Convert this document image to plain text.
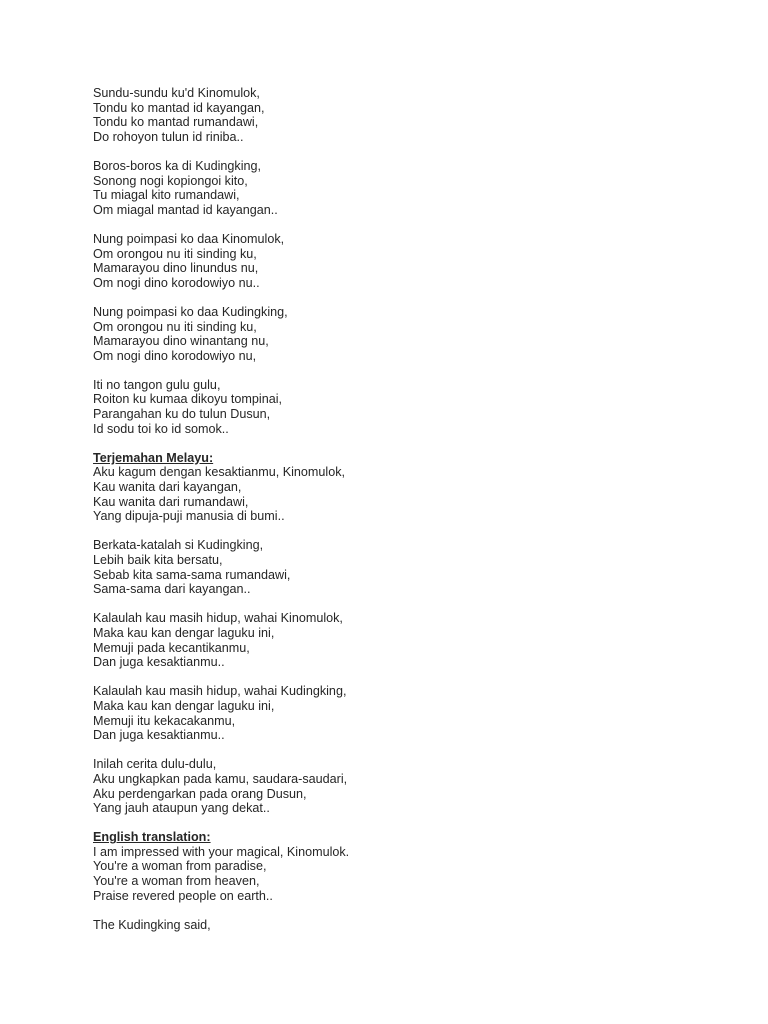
Sundu-sundu ku'd Kinomulok,
Tondu ko mantad id kayangan,
Tondu ko mantad rumandawi,
Do rohoyon tulun id riniba..
Boros-boros ka di Kudingking,
Sonong nogi kopiongoi kito,
Tu miagal kito rumandawi,
Om miagal mantad id kayangan..
Nung poimpasi ko daa Kinomulok,
Om orongou nu iti sinding ku,
Mamarayou dino linundus nu,
Om nogi dino korodowiyo nu..
Nung poimpasi ko daa Kudingking,
Om orongou nu iti sinding ku,
Mamarayou dino winantang nu,
Om nogi dino korodowiyo nu,
Iti no tangon gulu gulu,
Roiton ku kumaa dikoyu tompinai,
Parangahan ku do tulun Dusun,
Id sodu toi ko id somok..
Terjemahan Melayu:
Aku kagum dengan kesaktianmu, Kinomulok,
Kau wanita dari kayangan,
Kau wanita dari rumandawi,
Yang dipuja-puji manusia di bumi..
Berkata-katalah si Kudingking,
Lebih baik kita bersatu,
Sebab kita sama-sama rumandawi,
Sama-sama dari kayangan..
Kalaulah kau masih hidup, wahai Kinomulok,
Maka kau kan dengar laguku ini,
Memuji pada kecantikanmu,
Dan juga kesaktianmu..
Kalaulah kau masih hidup, wahai Kudingking,
Maka kau kan dengar laguku ini,
Memuji itu kekacakanmu,
Dan juga kesaktianmu..
Inilah cerita dulu-dulu,
Aku ungkapkan pada kamu, saudara-saudari,
Aku perdengarkan pada orang Dusun,
Yang jauh ataupun yang dekat..
English translation:
I am impressed with your magical, Kinomulok.
You're a woman from paradise,
You're a woman from heaven,
Praise revered people on earth..
The Kudingking said,
